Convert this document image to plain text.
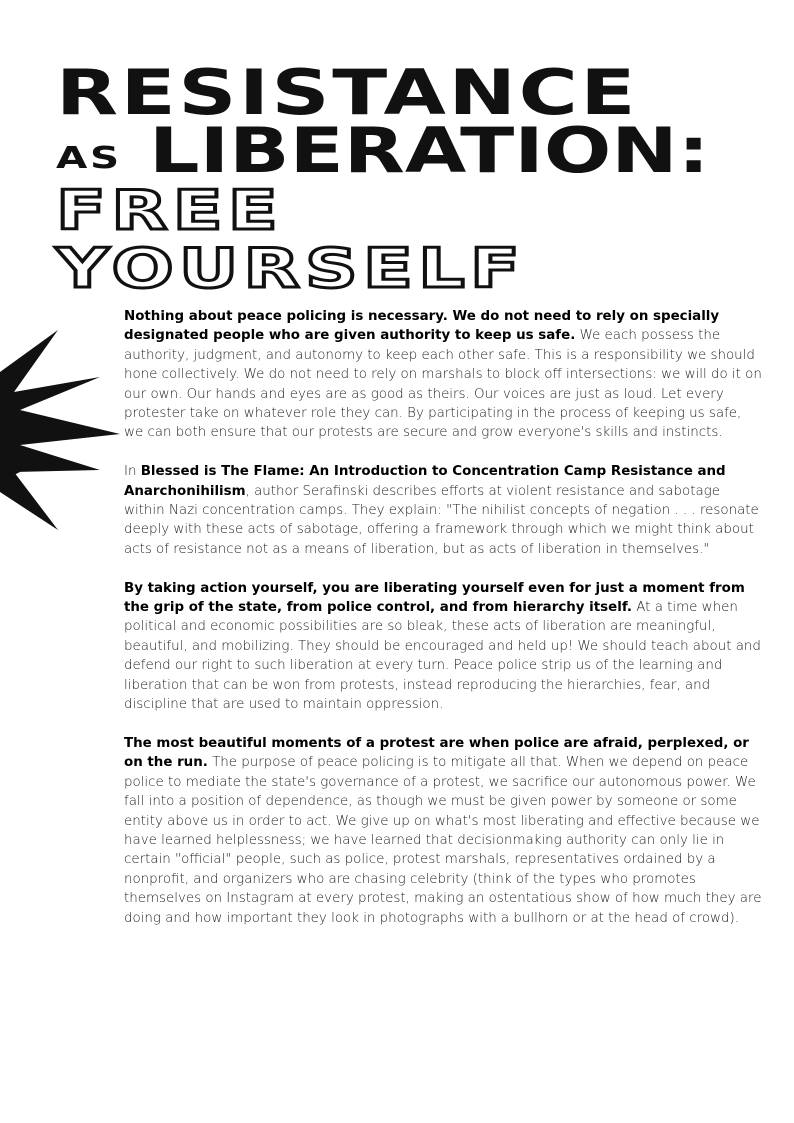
RESISTANCE
AS LIBERATION:
FREE
YOURSELF

Nothing about peace policing is necessary. We do not need to rely on specially designated people who are given authority to keep us safe. We each possess the authority, judgment, and autonomy to keep each other safe. This is a responsibility we should hone collectively. We do not need to rely on marshals to block off intersections: we will do it on our own. Our hands and eyes are as good as theirs. Our voices are just as loud. Let every protester take on whatever role they can. By participating in the process of keeping us safe, we can both ensure that our protests are secure and grow everyone's skills and instincts.

In Blessed is The Flame: An Introduction to Concentration Camp Resistance and Anarchonihilism, author Serafinski describes efforts at violent resistance and sabotage within Nazi concentration camps. They explain: "The nihilist concepts of negation . . . resonate deeply with these acts of sabotage, offering a framework through which we might think about acts of resistance not as a means of liberation, but as acts of liberation in themselves."

By taking action yourself, you are liberating yourself even for just a moment from the grip of the state, from police control, and from hierarchy itself. At a time when political and economic possibilities are so bleak, these acts of liberation are meaningful, beautiful, and mobilizing. They should be encouraged and held up! We should teach about and defend our right to such liberation at every turn. Peace police strip us of the learning and liberation that can be won from protests, instead reproducing the hierarchies, fear, and discipline that are used to maintain oppression.

The most beautiful moments of a protest are when police are afraid, perplexed, or on the run. The purpose of peace policing is to mitigate all that. When we depend on peace police to mediate the state's governance of a protest, we sacrifice our autonomous power. We fall into a position of dependence, as though we must be given power by someone or some entity above us in order to act. We give up on what's most liberating and effective because we have learned helplessness; we have learned that decisionmaking authority can only lie in certain "official" people, such as police, protest marshals, representatives ordained by a nonprofit, and organizers who are chasing celebrity (think of the types who promotes themselves on Instagram at every protest, making an ostentatious show of how much they are doing and how important they look in photographs with a bullhorn or at the head of crowd).
